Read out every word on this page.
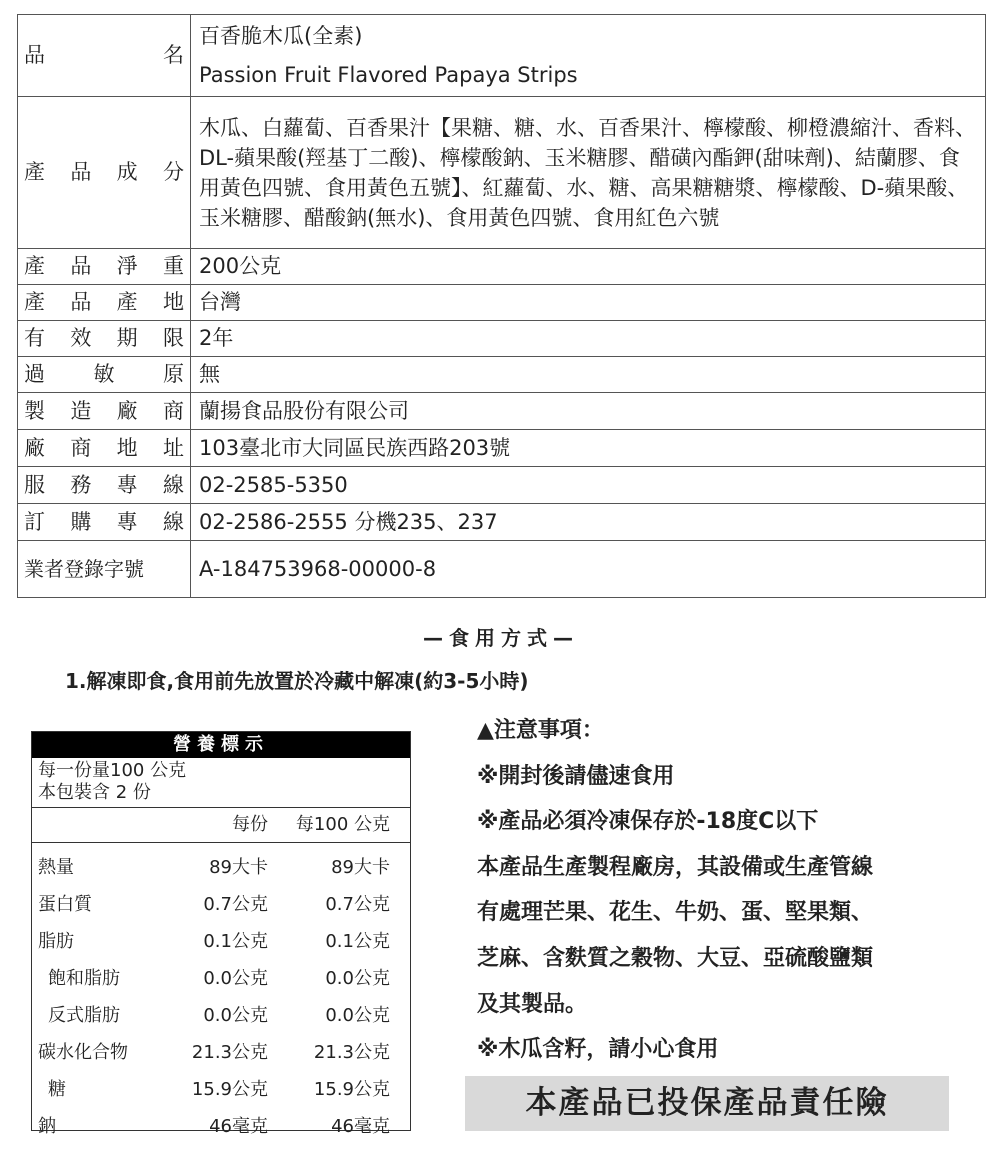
品名	百香脆木瓜(全素)
Passion Fruit Flavored Papaya Strips

產品成分	木瓜、白蘿蔔、百香果汁【果糖、糖、水、百香果汁、檸檬酸、柳橙濃縮汁、香料、DL-蘋果酸(羥基丁二酸)、檸檬酸鈉、玉米糖膠、醋磺內酯鉀(甜味劑)、結蘭膠、食用黃色四號、食用黃色五號】、紅蘿蔔、水、糖、高果糖糖漿、檸檬酸、D-蘋果酸、玉米糖膠、醋酸鈉(無水)、食用黃色四號、食用紅色六號
產品淨重	200公克
產品產地	台灣
有效期限	2年
過敏原	無
製造廠商	蘭揚食品股份有限公司
廠商地址	103臺北市大同區民族西路203號
服務專線	02-2585-5350
訂購專線	02-2586-2555 分機235、237
業者登錄字號	A-184753968-00000-8
—食用方式—
1.解凍即食,食用前先放置於冷藏中解凍(約3-5小時)
營養標示
每一份量100 公克
本包裝含 2 份
每份	每100 公克
熱量	89大卡	89大卡
蛋白質	0.7公克	0.7公克
脂肪	0.1公克	0.1公克
飽和脂肪	0.0公克	0.0公克
反式脂肪	0.0公克	0.0公克
碳水化合物	21.3公克	21.3公克
糖	15.9公克	15.9公克
鈉	46毫克	46毫克
▲注意事項：
※開封後請儘速食用
※產品必須冷凍保存於-18度C以下
本產品生產製程廠房，其設備或生產管線
有處理芒果、花生、牛奶、蛋、堅果類、
芝麻、含麩質之穀物、大豆、亞硫酸鹽類
及其製品。
※木瓜含籽，請小心食用
本產品已投保產品責任險
